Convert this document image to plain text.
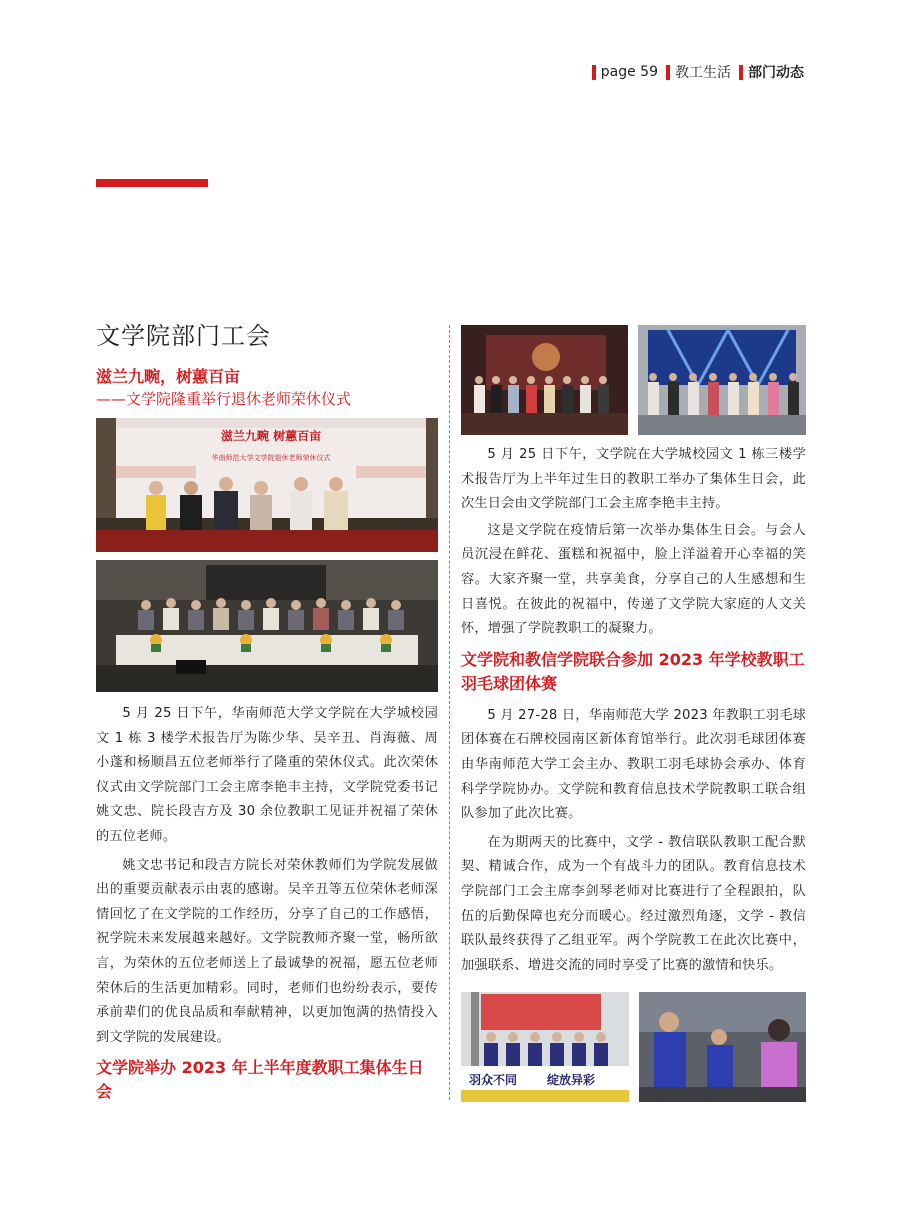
page 59 教工生活 部门动态
文学院部门工会
滋兰九畹，树蕙百亩
——文学院隆重举行退休老师荣休仪式
滋兰九畹 树蕙百亩
华南师范大学文学院退休老师荣休仪式

5 月 25 日下午，华南师范大学文学院在大学城校园文 1 栋 3 楼学术报告厅为陈少华、吴辛丑、肖海薇、周小蓬和杨顺昌五位老师举行了隆重的荣休仪式。此次荣休仪式由文学院部门工会主席李艳丰主持，文学院党委书记姚文忠、院长段吉方及 30 余位教职工见证并祝福了荣休的五位老师。

姚文忠书记和段吉方院长对荣休教师们为学院发展做出的重要贡献表示由衷的感谢。吴辛丑等五位荣休老师深情回忆了在文学院的工作经历，分享了自己的工作感悟，祝学院未来发展越来越好。文学院教师齐聚一堂，畅所欲言，为荣休的五位老师送上了最诚挚的祝福，愿五位老师荣休后的生活更加精彩。同时，老师们也纷纷表示，要传承前辈们的优良品质和奉献精神，以更加饱满的热情投入到文学院的发展建设。

文学院举办 2023 年上半年度教职工集体生日会

5 月 25 日下午，文学院在大学城校园文 1 栋三楼学术报告厅为上半年过生日的教职工举办了集体生日会，此次生日会由文学院部门工会主席李艳丰主持。

这是文学院在疫情后第一次举办集体生日会。与会人员沉浸在鲜花、蛋糕和祝福中，脸上洋溢着开心幸福的笑容。大家齐聚一堂，共享美食，分享自己的人生感想和生日喜悦。在彼此的祝福中，传递了文学院大家庭的人文关怀，增强了学院教职工的凝聚力。

文学院和教信学院联合参加 2023 年学校教职工羽毛球团体赛

5 月 27-28 日，华南师范大学 2023 年教职工羽毛球团体赛在石牌校园南区新体育馆举行。此次羽毛球团体赛由华南师范大学工会主办、教职工羽毛球协会承办、体育科学学院协办。文学院和教育信息技术学院教职工联合组队参加了此次比赛。

在为期两天的比赛中，文学 - 教信联队教职工配合默契、精诚合作，成为一个有战斗力的团队。教育信息技术学院部门工会主席李剑琴老师对比赛进行了全程跟拍，队伍的后勤保障也充分而暖心。经过激烈角逐，文学 - 教信联队最终获得了乙组亚军。两个学院教工在此次比赛中，加强联系、增进交流的同时享受了比赛的激情和快乐。

羽众不同 绽放异彩
